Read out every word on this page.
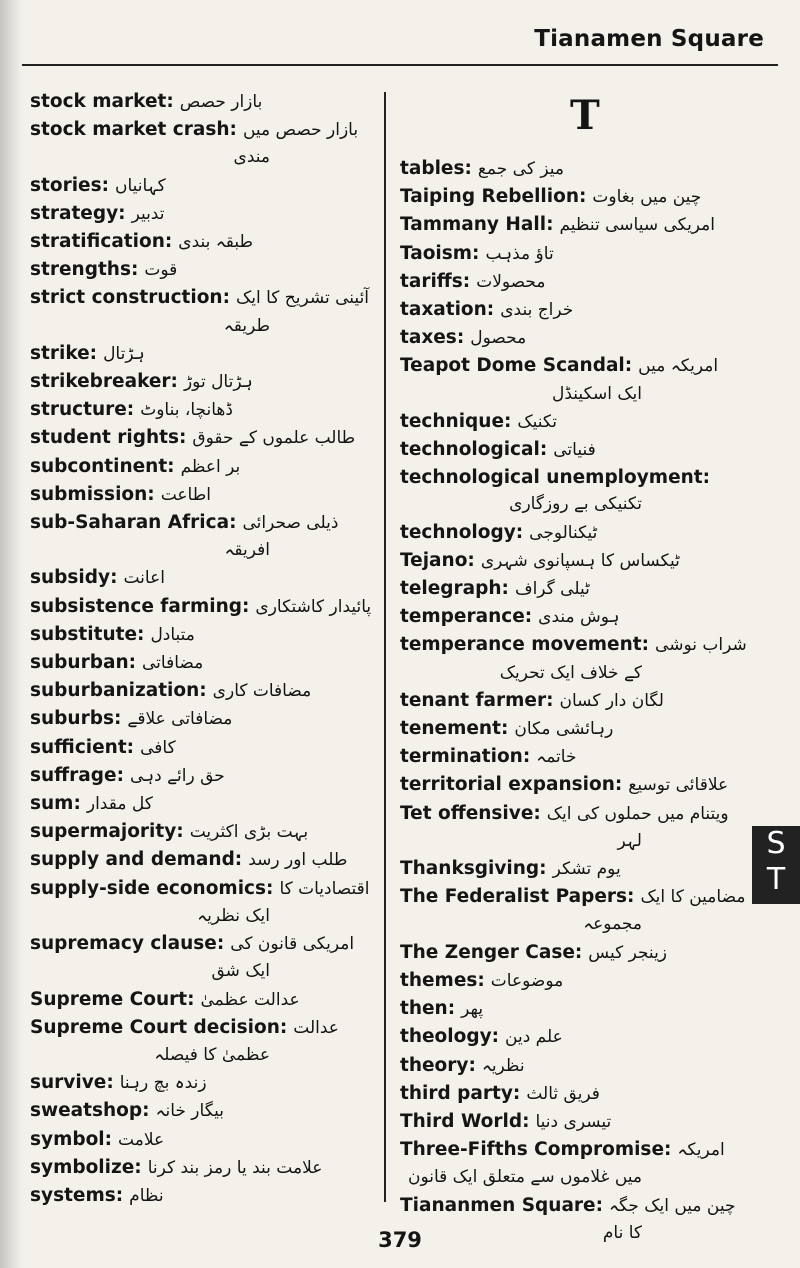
Tianamen Square
T
stock market: بازار حصص
stock market crash: بازار حصص میں
مندی
stories: کہانیاں
strategy: تدبیر
stratification: طبقہ بندی
strengths: قوت
strict construction: آئینی تشریح کا ایک
طریقہ
strike: ہڑتال
strikebreaker: ہڑتال توڑ
structure: ڈھانچا، بناوٹ
student rights: طالب علموں کے حقوق
subcontinent: بر اعظم
submission: اطاعت
sub-Saharan Africa: ذیلی صحرائی
افریقہ
subsidy: اعانت
subsistence farming: پائیدار کاشتکاری
substitute: متبادل
suburban: مضافاتی
suburbanization: مضافات کاری
suburbs: مضافاتی علاقے
sufficient: کافی
suffrage: حق رائے دہی
sum: کل مقدار
supermajority: بہت بڑی اکثریت
supply and demand: طلب اور رسد
supply-side economics: اقتصادیات کا
ایک نظریہ
supremacy clause: امریکی قانون کی
ایک شق
Supreme Court: عدالت عظمیٰ
Supreme Court decision: عدالت
عظمیٰ کا فیصلہ
survive: زندہ بچ رہنا
sweatshop: بیگار خانہ
symbol: علامت
symbolize: علامت بند یا رمز بند کرنا
systems: نظام
tables: میز کی جمع
Taiping Rebellion: چین میں بغاوت
Tammany Hall: امریکی سیاسی تنظیم
Taoism: تاؤ مذہب
tariffs: محصولات
taxation: خراج بندی
taxes: محصول
Teapot Dome Scandal: امریکہ میں
ایک اسکینڈل
technique: تکنیک
technological: فنیاتی
technological unemployment:
تکنیکی بے روزگاری
technology: ٹیکنالوجی
Tejano: ٹیکساس کا ہسپانوی شہری
telegraph: ٹیلی گراف
temperance: ہوش مندی
temperance movement: شراب نوشی
کے خلاف ایک تحریک
tenant farmer: لگان دار کسان
tenement: رہائشی مکان
termination: خاتمہ
territorial expansion: علاقائی توسیع
Tet offensive: ویتنام میں حملوں کی ایک
لہر
Thanksgiving: یوم تشکر
The Federalist Papers: مضامین کا ایک
مجموعہ
The Zenger Case: زینجر کیس
themes: موضوعات
then: پھر
theology: علم دین
theory: نظریہ
third party: فریق ثالث
Third World: تیسری دنیا
Three-Fifths Compromise: امریکہ
میں غلاموں سے متعلق ایک قانون
Tiananmen Square: چین میں ایک جگہ
کا نام
S
T
379
